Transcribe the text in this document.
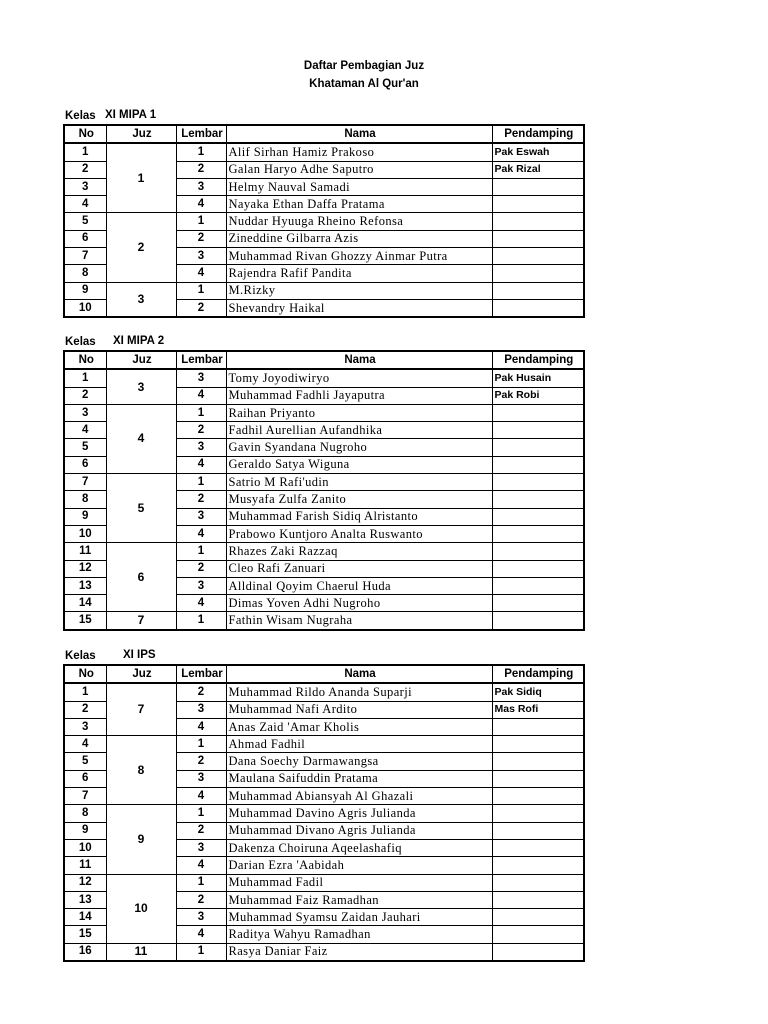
Daftar Pembagian Juz
Khataman Al Qur'an
Kelas XI MIPA 1
No	Juz	Lembar	Nama	Pendamping
1	1	1	Alif Sirhan Hamiz Prakoso	Pak Eswah
2		2	Galan Haryo Adhe Saputro	Pak Rizal
3		3	Helmy Nauval Samadi	
4		4	Nayaka Ethan Daffa Pratama	
5	2	1	Nuddar Hyuuga Rheino Refonsa	
6		2	Zineddine Gilbarra Azis	
7		3	Muhammad Rivan Ghozzy Ainmar Putra	
8		4	Rajendra Rafif Pandita	
9	3	1	M.Rizky	
10		2	Shevandry Haikal	
Kelas XI MIPA 2
No	Juz	Lembar	Nama	Pendamping
1	3	3	Tomy Joyodiwiryo	Pak Husain
2		4	Muhammad Fadhli Jayaputra	Pak Robi
3	4	1	Raihan Priyanto	
4		2	Fadhil Aurellian Aufandhika	
5		3	Gavin Syandana Nugroho	
6		4	Geraldo Satya Wiguna	
7	5	1	Satrio M Rafi'udin	
8		2	Musyafa Zulfa Zanito	
9		3	Muhammad Farish Sidiq Alristanto	
10		4	Prabowo Kuntjoro Analta Ruswanto	
11	6	1	Rhazes Zaki Razzaq	
12		2	Cleo Rafi Zanuari	
13		3	Alldinal Qoyim Chaerul Huda	
14		4	Dimas Yoven Adhi Nugroho	
15	7	1	Fathin Wisam Nugraha	
Kelas XI IPS
No	Juz	Lembar	Nama	Pendamping
1	7	2	Muhammad Rildo Ananda Suparji	Pak Sidiq
2		3	Muhammad Nafi Ardito	Mas Rofi
3		4	Anas Zaid 'Amar Kholis	
4	8	1	Ahmad Fadhil	
5		2	Dana Soechy Darmawangsa	
6		3	Maulana Saifuddin Pratama	
7		4	Muhammad Abiansyah Al Ghazali	
8	9	1	Muhammad Davino Agris Julianda	
9		2	Muhammad Divano Agris Julianda	
10		3	Dakenza Choiruna Aqeelashafiq	
11		4	Darian Ezra 'Aabidah	
12	10	1	Muhammad Fadil	
13		2	Muhammad Faiz Ramadhan	
14		3	Muhammad Syamsu Zaidan Jauhari	
15		4	Raditya Wahyu Ramadhan	
16	11	1	Rasya Daniar Faiz	
